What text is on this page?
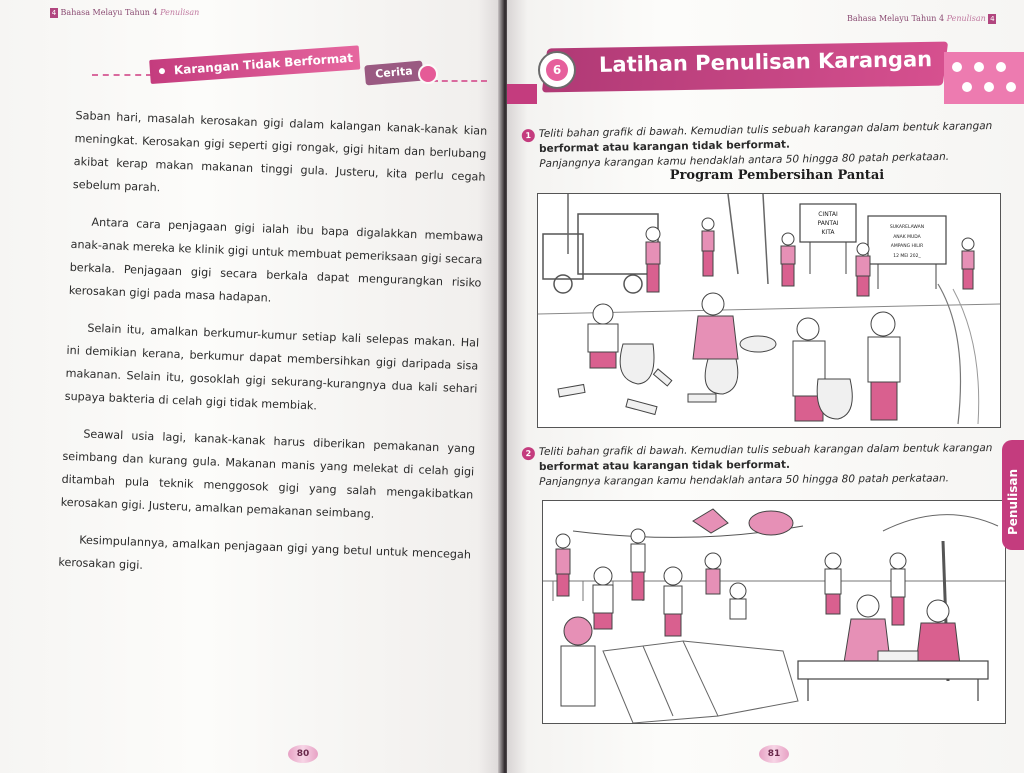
4 Bahasa Melayu Tahun 4 Penulisan
Karangan Tidak Berformat	Cerita

Saban hari, masalah kerosakan gigi dalam kalangan kanak-kanak kian meningkat. Kerosakan gigi seperti gigi rongak, gigi hitam dan berlubang akibat kerap makan makanan tinggi gula. Justeru, kita perlu cegah sebelum parah.

Antara cara penjagaan gigi ialah ibu bapa digalakkan membawa anak-anak mereka ke klinik gigi untuk membuat pemeriksaan gigi secara berkala. Penjagaan gigi secara berkala dapat mengurangkan risiko kerosakan gigi pada masa hadapan.

Selain itu, amalkan berkumur-kumur setiap kali selepas makan. Hal ini demikian kerana, berkumur dapat membersihkan gigi daripada sisa makanan. Selain itu, gosoklah gigi sekurang-kurangnya dua kali sehari supaya bakteria di celah gigi tidak membiak.

Seawal usia lagi, kanak-kanak harus diberikan pemakanan yang seimbang dan kurang gula. Makanan manis yang melekat di celah gigi ditambah pula teknik menggosok gigi yang salah mengakibatkan kerosakan gigi. Justeru, amalkan pemakanan seimbang.

Kesimpulannya, amalkan penjagaan gigi yang betul untuk mencegah kerosakan gigi.

80
Bahasa Melayu Tahun 4 Penulisan 4
6 Latihan Penulisan Karangan
1 Teliti bahan grafik di bawah. Kemudian tulis sebuah karangan dalam bentuk karangan
berformat atau karangan tidak berformat.
Panjangnya karangan kamu hendaklah antara 50 hingga 80 patah perkataan.
Program Pembersihan Pantai
CINTAI
PANTAI
KITA
SUKARELAWAN
ANAK MUDA
AMPANG HILIR
12 MEI 202_
2 Teliti bahan grafik di bawah. Kemudian tulis sebuah karangan dalam bentuk karangan
berformat atau karangan tidak berformat.
Panjangnya karangan kamu hendaklah antara 50 hingga 80 patah perkataan.	Penulisan
81
